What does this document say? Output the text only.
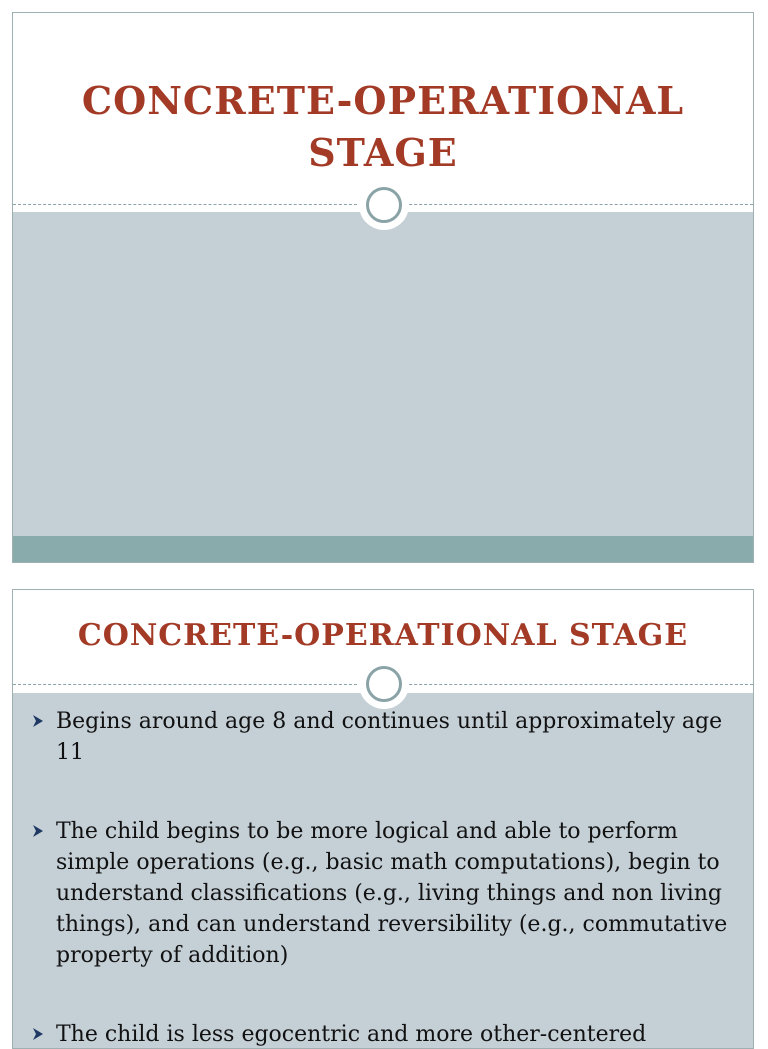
CONCRETE-OPERATIONAL STAGE
CONCRETE-OPERATIONAL STAGE
Begins around age 8 and continues until approximately age 11
The child begins to be more logical and able to perform simple operations (e.g., basic math computations), begin to understand classifications (e.g., living things and non living things), and can understand reversibility (e.g., commutative property of addition)
The child is less egocentric and more other-centered
